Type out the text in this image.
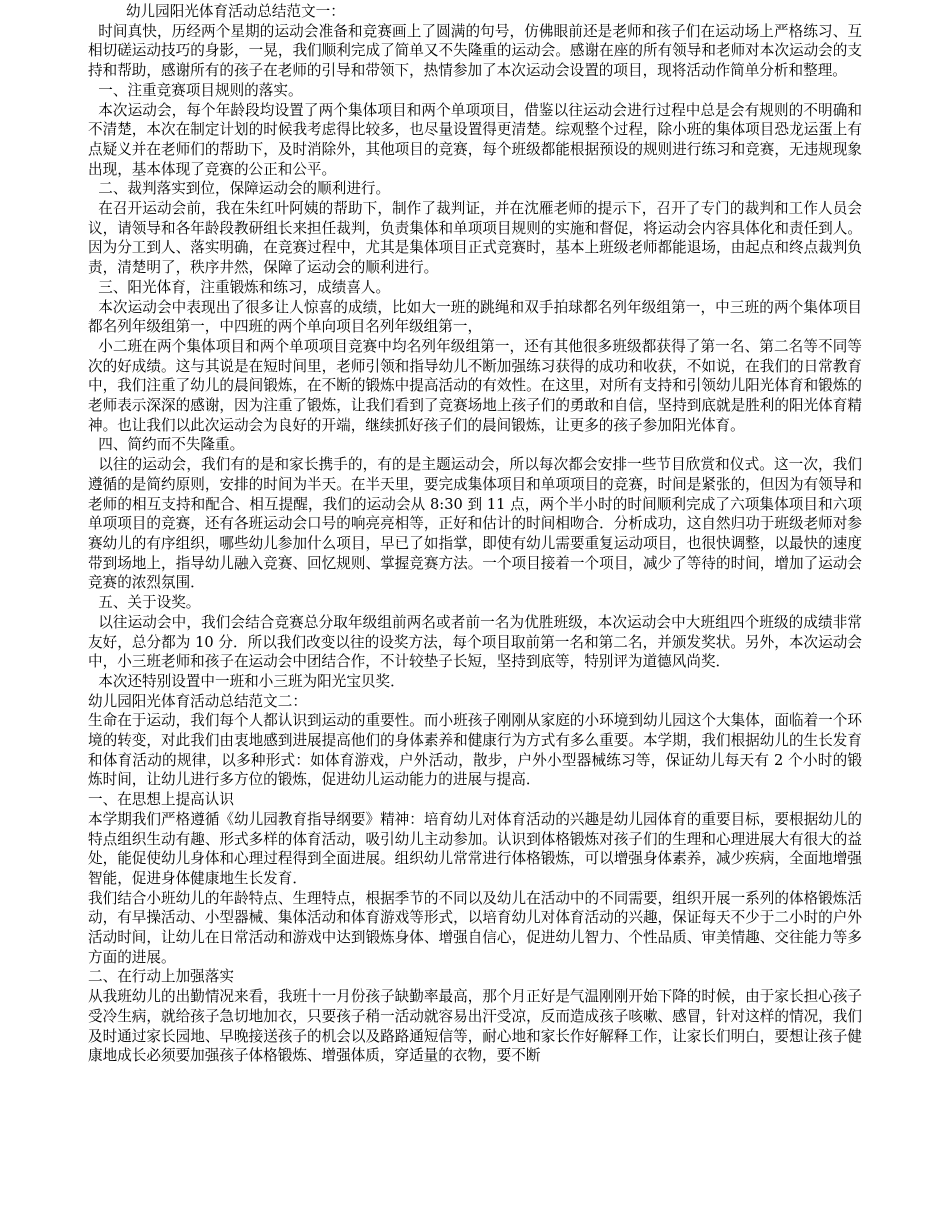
幼儿园阳光体育活动总结范文一：

时间真快，历经两个星期的运动会准备和竞赛画上了圆满的句号，仿佛眼前还是老师和孩子们在运动场上严格练习、互相切磋运动技巧的身影，一晃，我们顺利完成了简单又不失隆重的运动会。感谢在座的所有领导和老师对本次运动会的支持和帮助，感谢所有的孩子在老师的引导和带领下，热情参加了本次运动会设置的项目，现将活动作简单分析和整理。

一、注重竞赛项目规则的落实。

本次运动会，每个年龄段均设置了两个集体项目和两个单项项目，借鉴以往运动会进行过程中总是会有规则的不明确和不清楚，本次在制定计划的时候我考虑得比较多，也尽量设置得更清楚。综观整个过程，除小班的集体项目恐龙运蛋上有点疑义并在老师们的帮助下，及时消除外，其他项目的竞赛，每个班级都能根据预设的规则进行练习和竞赛，无违规现象出现，基本体现了竞赛的公正和公平。

二、裁判落实到位，保障运动会的顺利进行。

在召开运动会前，我在朱红叶阿姨的帮助下，制作了裁判证，并在沈雁老师的提示下，召开了专门的裁判和工作人员会议，请领导和各年龄段教研组长来担任裁判，负责集体和单项项目规则的实施和督促，将运动会内容具体化和责任到人。因为分工到人、落实明确，在竞赛过程中，尤其是集体项目正式竞赛时，基本上班级老师都能退场，由起点和终点裁判负责，清楚明了，秩序井然，保障了运动会的顺利进行。

三、阳光体育，注重锻炼和练习，成绩喜人。

本次运动会中表现出了很多让人惊喜的成绩，比如大一班的跳绳和双手拍球都名列年级组第一，中三班的两个集体项目都名列年级组第一，中四班的两个单向项目名列年级组第一，

小二班在两个集体项目和两个单项项目竞赛中均名列年级组第一，还有其他很多班级都获得了第一名、第二名等不同等次的好成绩。这与其说是在短时间里，老师引领和指导幼儿不断加强练习获得的成功和收获，不如说，在我们的日常教育中，我们注重了幼儿的晨间锻炼，在不断的锻炼中提高活动的有效性。在这里，对所有支持和引领幼儿阳光体育和锻炼的老师表示深深的感谢，因为注重了锻炼，让我们看到了竞赛场地上孩子们的勇敢和自信，坚持到底就是胜利的阳光体育精神。也让我们以此次运动会为良好的开端，继续抓好孩子们的晨间锻炼，让更多的孩子参加阳光体育。

四、简约而不失隆重。

以往的运动会，我们有的是和家长携手的，有的是主题运动会，所以每次都会安排一些节目欣赏和仪式。这一次，我们遵循的是简约原则，安排的时间为半天。在半天里，要完成集体项目和单项项目的竞赛，时间是紧张的，但因为有领导和老师的相互支持和配合、相互提醒，我们的运动会从 8:30 到 11 点，两个半小时的时间顺利完成了六项集体项目和六项单项项目的竞赛，还有各班运动会口号的响亮亮相等，正好和估计的时间相吻合．分析成功，这自然归功于班级老师对参赛幼儿的有序组织，哪些幼儿参加什么项目，早已了如指掌，即使有幼儿需要重复运动项目，也很快调整，以最快的速度带到场地上，指导幼儿融入竞赛、回忆规则、掌握竞赛方法。一个项目接着一个项目，减少了等待的时间，增加了运动会竞赛的浓烈氛围．

五、关于设奖。

以往运动会中，我们会结合竞赛总分取年级组前两名或者前一名为优胜班级，本次运动会中大班组四个班级的成绩非常友好，总分都为 10 分．所以我们改变以往的设奖方法，每个项目取前第一名和第二名，并颁发奖状。另外，本次运动会中，小三班老师和孩子在运动会中团结合作，不计较垫子长短，坚持到底等，特别评为道德风尚奖．

本次还特别设置中一班和小三班为阳光宝贝奖．

幼儿园阳光体育活动总结范文二：

生命在于运动，我们每个人都认识到运动的重要性。而小班孩子刚刚从家庭的小环境到幼儿园这个大集体，面临着一个环境的转变，对此我们由衷地感到进展提高他们的身体素养和健康行为方式有多么重要。本学期，我们根据幼儿的生长发育和体育活动的规律，以多种形式：如体育游戏，户外活动，散步，户外小型器械练习等，保证幼儿每天有 2 个小时的锻炼时间，让幼儿进行多方位的锻炼，促进幼儿运动能力的进展与提高．

一、在思想上提高认识

本学期我们严格遵循《幼儿园教育指导纲要》精神：培育幼儿对体育活动的兴趣是幼儿园体育的重要目标，要根据幼儿的特点组织生动有趣、形式多样的体育活动，吸引幼儿主动参加。认识到体格锻炼对孩子们的生理和心理进展大有很大的益处，能促使幼儿身体和心理过程得到全面进展。组织幼儿常常进行体格锻炼，可以增强身体素养，减少疾病，全面地增强智能，促进身体健康地生长发育．

我们结合小班幼儿的年龄特点、生理特点，根据季节的不同以及幼儿在活动中的不同需要，组织开展一系列的体格锻炼活动，有早操活动、小型器械、集体活动和体育游戏等形式，以培育幼儿对体育活动的兴趣，保证每天不少于二小时的户外活动时间，让幼儿在日常活动和游戏中达到锻炼身体、增强自信心，促进幼儿智力、个性品质、审美情趣、交往能力等多方面的进展。

二、在行动上加强落实

从我班幼儿的出勤情况来看，我班十一月份孩子缺勤率最高，那个月正好是气温刚刚开始下降的时候，由于家长担心孩子受冷生病，就给孩子急切地加衣，只要孩子稍一活动就容易出汗受凉，反而造成孩子咳嗽、感冒，针对这样的情况，我们及时通过家长园地、早晚接送孩子的机会以及路路通短信等，耐心地和家长作好解释工作，让家长们明白，要想让孩子健康地成长必须要加强孩子体格锻炼、增强体质，穿适量的衣物，要不断
